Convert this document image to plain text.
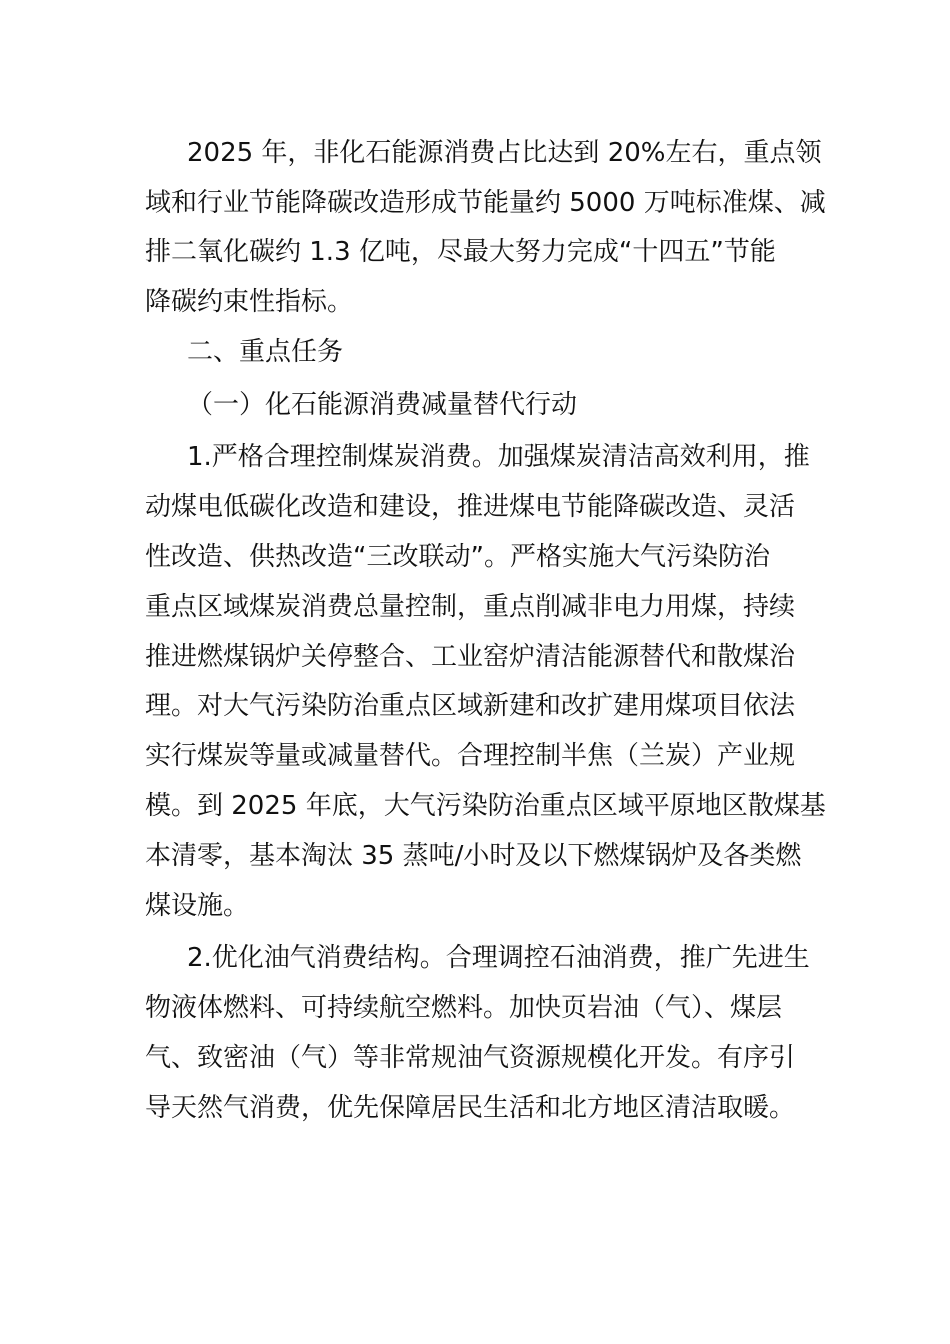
2025 年，非化石能源消费占比达到 20%左右，重点领

域和行业节能降碳改造形成节能量约 5000 万吨标准煤、减

排二氧化碳约 1.3 亿吨，尽最大努力完成“十四五”节能

降碳约束性指标。

二、重点任务

（一）化石能源消费减量替代行动

1.严格合理控制煤炭消费。加强煤炭清洁高效利用，推

动煤电低碳化改造和建设，推进煤电节能降碳改造、灵活

性改造、供热改造“三改联动”。严格实施大气污染防治

重点区域煤炭消费总量控制，重点削减非电力用煤，持续

推进燃煤锅炉关停整合、工业窑炉清洁能源替代和散煤治

理。对大气污染防治重点区域新建和改扩建用煤项目依法

实行煤炭等量或减量替代。合理控制半焦（兰炭）产业规

模。到 2025 年底，大气污染防治重点区域平原地区散煤基

本清零，基本淘汰 35 蒸吨/小时及以下燃煤锅炉及各类燃

煤设施。

2.优化油气消费结构。合理调控石油消费，推广先进生

物液体燃料、可持续航空燃料。加快页岩油（气）、煤层

气、致密油（气）等非常规油气资源规模化开发。有序引

导天然气消费，优先保障居民生活和北方地区清洁取暖。
